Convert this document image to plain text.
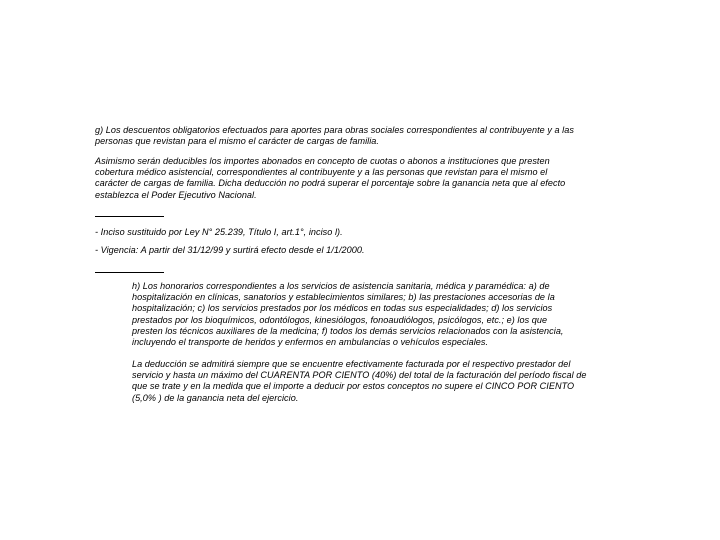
g) Los descuentos obligatorios efectuados para aportes para obras sociales correspondientes al contribuyente y a las
personas que revistan para el mismo el carácter de cargas de familia.

Asimismo serán deducibles los importes abonados en concepto de cuotas o abonos a instituciones que presten
cobertura médico asistencial, correspondientes al contribuyente y a las personas que revistan para el mismo el
carácter de cargas de familia. Dicha deducción no podrá superar el porcentaje sobre la ganancia neta que al efecto
establezca el Poder Ejecutivo Nacional.

- Inciso sustituido por Ley N° 25.239, Título I, art.1°, inciso l).

- Vigencia: A partir del 31/12/99 y surtirá efecto desde el 1/1/2000.

h) Los honorarios correspondientes a los servicios de asistencia sanitaria, médica y paramédica: a) de
hospitalización en clínicas, sanatorios y establecimientos similares; b) las prestaciones accesorias de la
hospitalización; c) los servicios prestados por los médicos en todas sus especialidades; d) los servicios
prestados por los bioquímicos, odontólogos, kinesiólogos, fonoaudiólogos, psicólogos, etc.; e) los que
presten los técnicos auxiliares de la medicina; f) todos los demás servicios relacionados con la asistencia,
incluyendo el transporte de heridos y enfermos en ambulancias o vehículos especiales.

La deducción se admitirá siempre que se encuentre efectivamente facturada por el respectivo prestador del
servicio y hasta un máximo del CUARENTA POR CIENTO (40%) del total de la facturación del período fiscal de
que se trate y en la medida que el importe a deducir por estos conceptos no supere el CINCO POR CIENTO
(5,0% ) de la ganancia neta del ejercicio.
